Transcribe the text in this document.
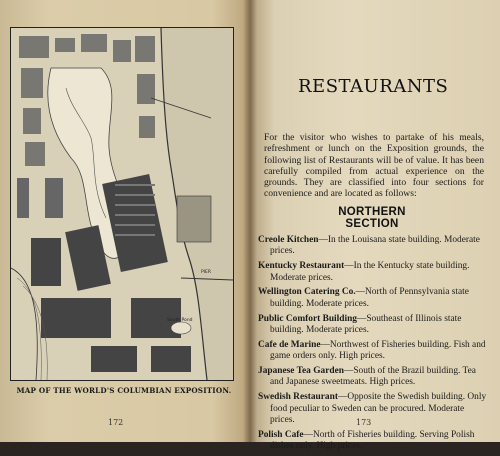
PIER
South Pond
MAP OF THE WORLD'S COLUMBIAN EXPOSITION.
172
RESTAURANTS
For the visitor who wishes to partake of his meals, refreshment or lunch on the Exposition grounds, the following list of Restaurants will be of value. It has been carefully compiled from actual experience on the grounds. They are classified into four sections for convenience and are located as follows:
NORTHERN SECTION
Creole Kitchen—In the Louisana state building. Moderate prices.
Kentucky Restaurant—In the Kentucky state building. Moderate prices.
Wellington Catering Co.—North of Pennsylvania state building. Moderate prices.
Public Comfort Building—Southeast of Illinois state building. Moderate prices.
Cafe de Marine—Northwest of Fisheries building. Fish and game orders only. High prices.
Japanese Tea Garden—South of the Brazil building. Tea and Japanese sweetmeats. High prices.
Swedish Restaurant—Opposite the Swedish building. Only food peculiar to Sweden can be procured. Moderate prices.
Polish Cafe—North of Fisheries building. Serving Polish dishes only. High prices.
173
